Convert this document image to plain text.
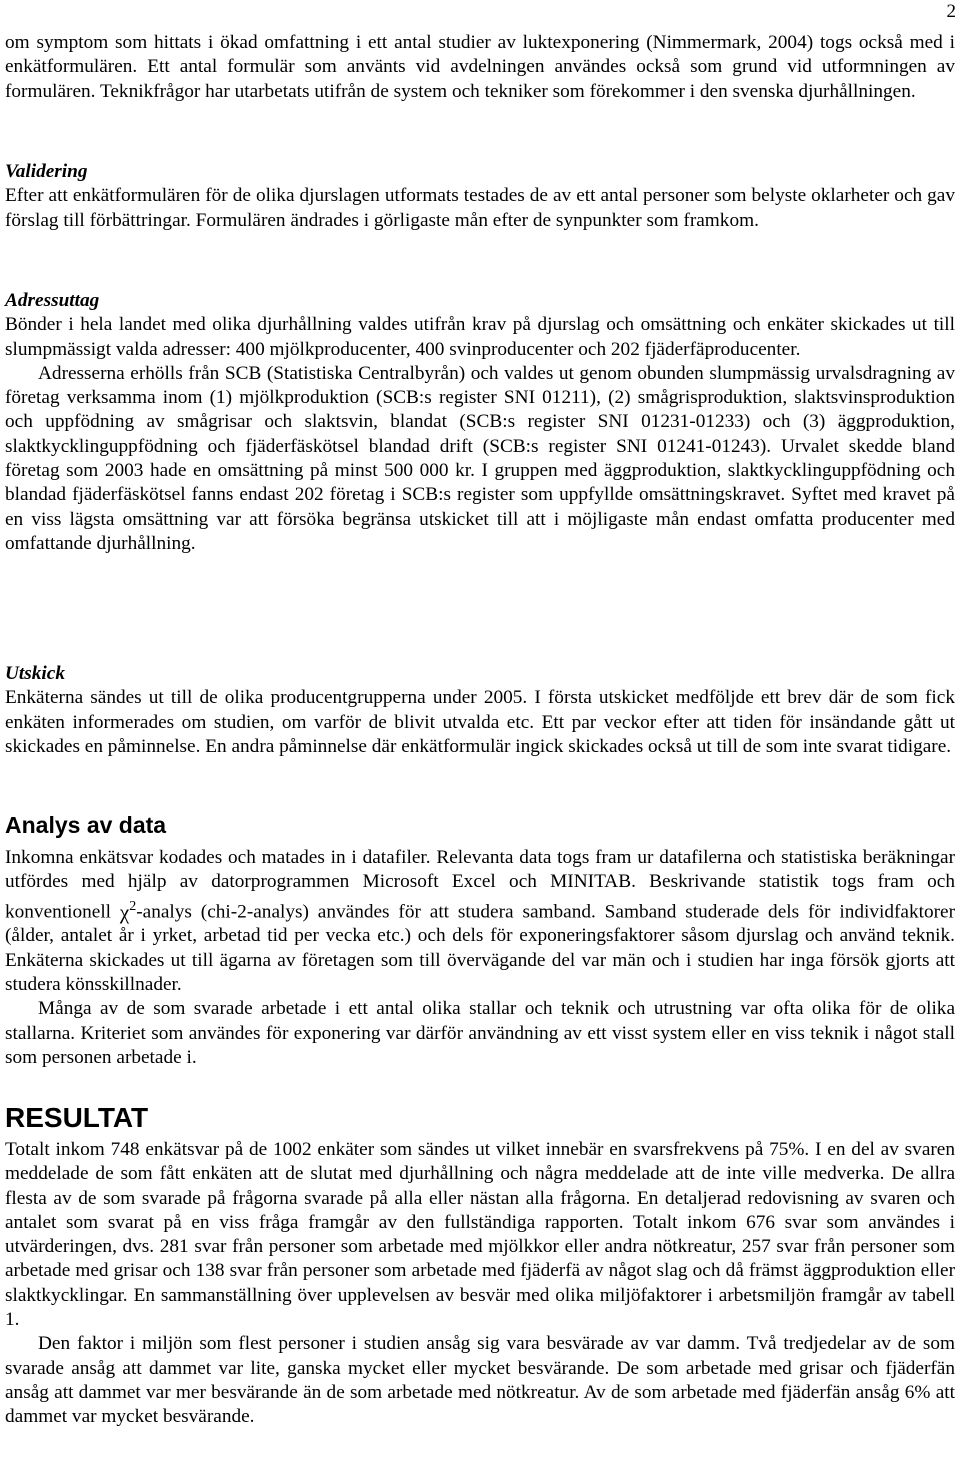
2

om symptom som hittats i ökad omfattning i ett antal studier av luktexponering (Nimmermark, 2004) togs också med i enkätformulären. Ett antal formulär som använts vid avdelningen användes också som grund vid utformningen av formulären. Teknikfrågor har utarbetats utifrån de system och tekniker som förekommer i den svenska djurhållningen.

Validering

Efter att enkätformulären för de olika djurslagen utformats testades de av ett antal personer som belyste oklarheter och gav förslag till förbättringar. Formulären ändrades i görligaste mån efter de synpunkter som framkom.

Adressuttag

Bönder i hela landet med olika djurhållning valdes utifrån krav på djurslag och omsättning och enkäter skickades ut till slumpmässigt valda adresser: 400 mjölkproducenter, 400 svinproducenter och 202 fjäderfäproducenter.

Adresserna erhölls från SCB (Statistiska Centralbyrån) och valdes ut genom obunden slumpmässig urvalsdragning av företag verksamma inom (1) mjölkproduktion (SCB:s register SNI 01211), (2) smågrisproduktion, slaktsvinsproduktion och uppfödning av smågrisar och slaktsvin, blandat (SCB:s register SNI 01231-01233) och (3) äggproduktion, slaktkycklinguppfödning och fjäderfäskötsel blandad drift (SCB:s register SNI 01241-01243). Urvalet skedde bland företag som 2003 hade en omsättning på minst 500 000 kr. I gruppen med äggproduktion, slaktkycklinguppfödning och blandad fjäderfäskötsel fanns endast 202 företag i SCB:s register som uppfyllde omsättningskravet. Syftet med kravet på en viss lägsta omsättning var att försöka begränsa utskicket till att i möjligaste mån endast omfatta producenter med omfattande djurhållning.

Utskick

Enkäterna sändes ut till de olika producentgrupperna under 2005. I första utskicket medföljde ett brev där de som fick enkäten informerades om studien, om varför de blivit utvalda etc. Ett par veckor efter att tiden för insändande gått ut skickades en påminnelse. En andra påminnelse där enkätformulär ingick skickades också ut till de som inte svarat tidigare.

Analys av data

Inkomna enkätsvar kodades och matades in i datafiler. Relevanta data togs fram ur datafilerna och statistiska beräkningar utfördes med hjälp av datorprogrammen Microsoft Excel och MINITAB. Beskrivande statistik togs fram och konventionell $\chi^2$-analys (chi-2-analys) användes för att studera samband. Samband studerade dels för individfaktorer (ålder, antalet år i yrket, arbetad tid per vecka etc.) och dels för exponeringsfaktorer såsom djurslag och använd teknik. Enkäterna skickades ut till ägarna av företagen som till övervägande del var män och i studien har inga försök gjorts att studera könsskillnader.

Många av de som svarade arbetade i ett antal olika stallar och teknik och utrustning var ofta olika för de olika stallarna. Kriteriet som användes för exponering var därför användning av ett visst system eller en viss teknik i något stall som personen arbetade i.

RESULTAT

Totalt inkom 748 enkätsvar på de 1002 enkäter som sändes ut vilket innebär en svarsfrekvens på 75%. I en del av svaren meddelade de som fått enkäten att de slutat med djurhållning och några meddelade att de inte ville medverka. De allra flesta av de som svarade på frågorna svarade på alla eller nästan alla frågorna. En detaljerad redovisning av svaren och antalet som svarat på en viss fråga framgår av den fullständiga rapporten. Totalt inkom 676 svar som användes i utvärderingen, dvs. 281 svar från personer som arbetade med mjölkkor eller andra nötkreatur, 257 svar från personer som arbetade med grisar och 138 svar från personer som arbetade med fjäderfä av något slag och då främst äggproduktion eller slaktkycklingar. En sammanställning över upplevelsen av besvär med olika miljöfaktorer i arbetsmiljön framgår av tabell 1.

Den faktor i miljön som flest personer i studien ansåg sig vara besvärade av var damm. Två tredjedelar av de som svarade ansåg att dammet var lite, ganska mycket eller mycket besvärande. De som arbetade med grisar och fjäderfän ansåg att dammet var mer besvärande än de som arbetade med nötkreatur. Av de som arbetade med fjäderfän ansåg 6% att dammet var mycket besvärande.
